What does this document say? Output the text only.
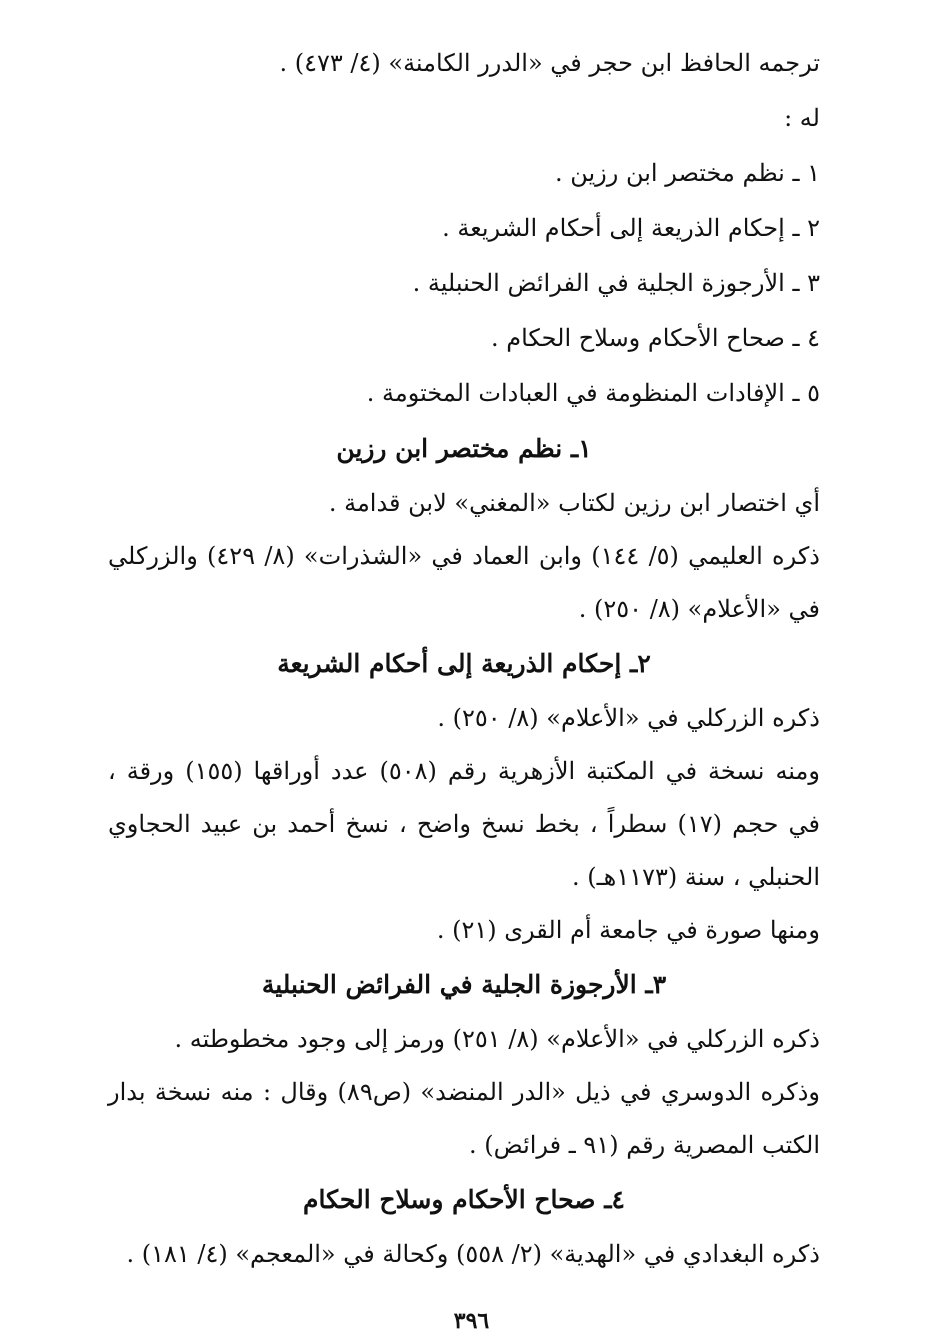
ترجمه الحافظ ابن حجر في «الدرر الكامنة» (٤/ ٤٧٣) .
له :
١ ـ نظم مختصر ابن رزين .
٢ ـ إحكام الذريعة إلى أحكام الشريعة .
٣ ـ الأرجوزة الجلية في الفرائض الحنبلية .
٤ ـ صحاح الأحكام وسلاح الحكام .
٥ ـ الإفادات المنظومة في العبادات المختومة .
١ـ نظم مختصر ابن رزين
أي اختصار ابن رزين لكتاب «المغني» لابن قدامة .
ذكره العليمي (٥/ ١٤٤) وابن العماد في «الشذرات» (٨/ ٤٢٩) والزركلي في «الأعلام» (٨/ ٢٥٠) .
٢ـ إحكام الذريعة إلى أحكام الشريعة
ذكره الزركلي في «الأعلام» (٨/ ٢٥٠) .
ومنه نسخة في المكتبة الأزهرية رقم (٥٠٨) عدد أوراقها (١٥٥) ورقة ، في حجم (١٧) سطراً ، بخط نسخ واضح ، نسخ أحمد بن عبيد الحجاوي الحنبلي ، سنة (١١٧٣هـ) .
ومنها صورة في جامعة أم القرى (٢١) .
٣ـ الأرجوزة الجلية في الفرائض الحنبلية
ذكره الزركلي في «الأعلام» (٨/ ٢٥١) ورمز إلى وجود مخطوطته .
وذكره الدوسري في ذيل «الدر المنضد» (ص٨٩) وقال : منه نسخة بدار الكتب المصرية رقم (٩١ ـ فرائض) .
٤ـ صحاح الأحكام وسلاح الحكام
ذكره البغدادي في «الهدية» (٢/ ٥٥٨) وكحالة في «المعجم» (٤/ ١٨١) .
٣٩٦
